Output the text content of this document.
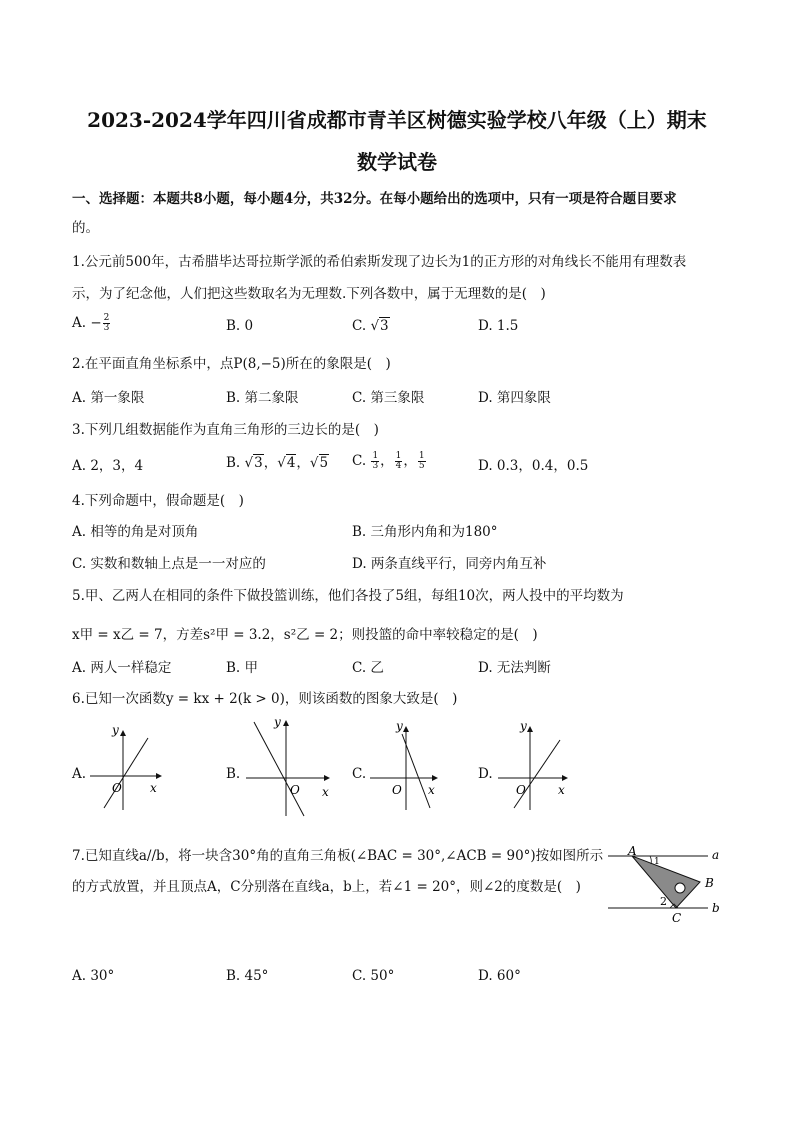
2023-2024学年四川省成都市青羊区树德实验学校八年级（上）期末
数学试卷
一、选择题：本题共8小题，每小题4分，共32分。在每小题给出的选项中，只有一项是符合题目要求
的。
1.公元前500年，古希腊毕达哥拉斯学派的希伯索斯发现了边长为1的正方形的对角线长不能用有理数表
示，为了纪念他，人们把这些数取名为无理数.下列各数中，属于无理数的是(　)
A. − $\frac{2}{3}$	B. 0	C. √3	D. 1.5
2.在平面直角坐标系中，点P(8,−5)所在的象限是(　)
A. 第一象限	B. 第二象限	C. 第三象限	D. 第四象限
3.下列几组数据能作为直角三角形的三边长的是(　)
A. 2，3，4	B. √3，√4，√5 C. $\frac{1}{3}$ ， $\frac{1}{4}$ ， $\frac{1}{5}$	D. 0.3，0.4，0.5
4.下列命题中，假命题是(　)
A. 相等的角是对顶角	B. 三角形内角和为180°
C. 实数和数轴上点是一一对应的	D. 两条直线平行，同旁内角互补
5.甲、乙两人在相同的条件下做投篮训练，他们各投了5组，每组10次，两人投中的平均数为
x甲 = x乙 = 7，方差s²甲 = 3.2，s²乙 = 2；则投篮的命中率较稳定的是(　)
A. 两人一样稳定	B. 甲	C. 乙	D. 无法判断
6.已知一次函数y = kx + 2(k > 0)，则该函数的图象大致是(　)
A.
y
x
O
B.
y
x
O
C.
y
x
O
D.
y
x
O
7.已知直线a//b，将一块含30°角的直角三角板(∠BAC = 30°,∠ACB = 90°)按如图所示
的方式放置，并且顶点A，C分别落在直线a，b上，若∠1 = 20°，则∠2的度数是(　)
A
B
C
a
b
1
2
A. 30°	B. 45°	C. 50°	D. 60°
